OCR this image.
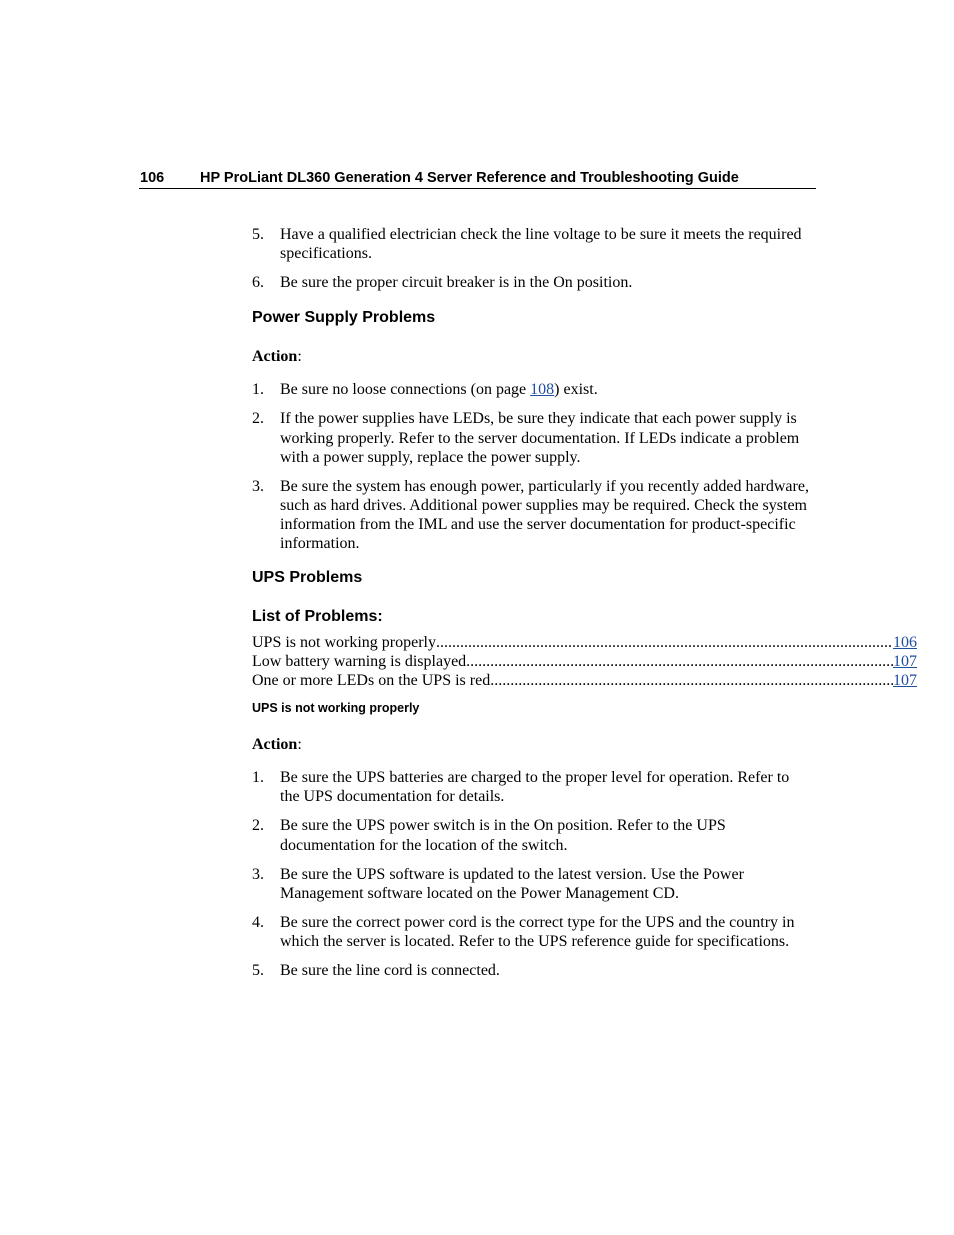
106 HP ProLiant DL360 Generation 4 Server Reference and Troubleshooting Guide
5. Have a qualified electrician check the line voltage to be sure it meets the required specifications.
6. Be sure the proper circuit breaker is in the On position.
Power Supply Problems
Action:
1. Be sure no loose connections (on page 108) exist.
2. If the power supplies have LEDs, be sure they indicate that each power supply is working properly. Refer to the server documentation. If LEDs indicate a problem with a power supply, replace the power supply.
3. Be sure the system has enough power, particularly if you recently added hardware, such as hard drives. Additional power supplies may be required. Check the system information from the IML and use the server documentation for product-specific information.
UPS Problems
List of Problems:
UPS is not working properly .....	106
Low battery warning is displayed .....	107
One or more LEDs on the UPS is red .....	107
UPS is not working properly
Action:
1. Be sure the UPS batteries are charged to the proper level for operation. Refer to the UPS documentation for details.
2. Be sure the UPS power switch is in the On position. Refer to the UPS documentation for the location of the switch.
3. Be sure the UPS software is updated to the latest version. Use the Power Management software located on the Power Management CD.
4. Be sure the correct power cord is the correct type for the UPS and the country in which the server is located. Refer to the UPS reference guide for specifications.
5. Be sure the line cord is connected.
